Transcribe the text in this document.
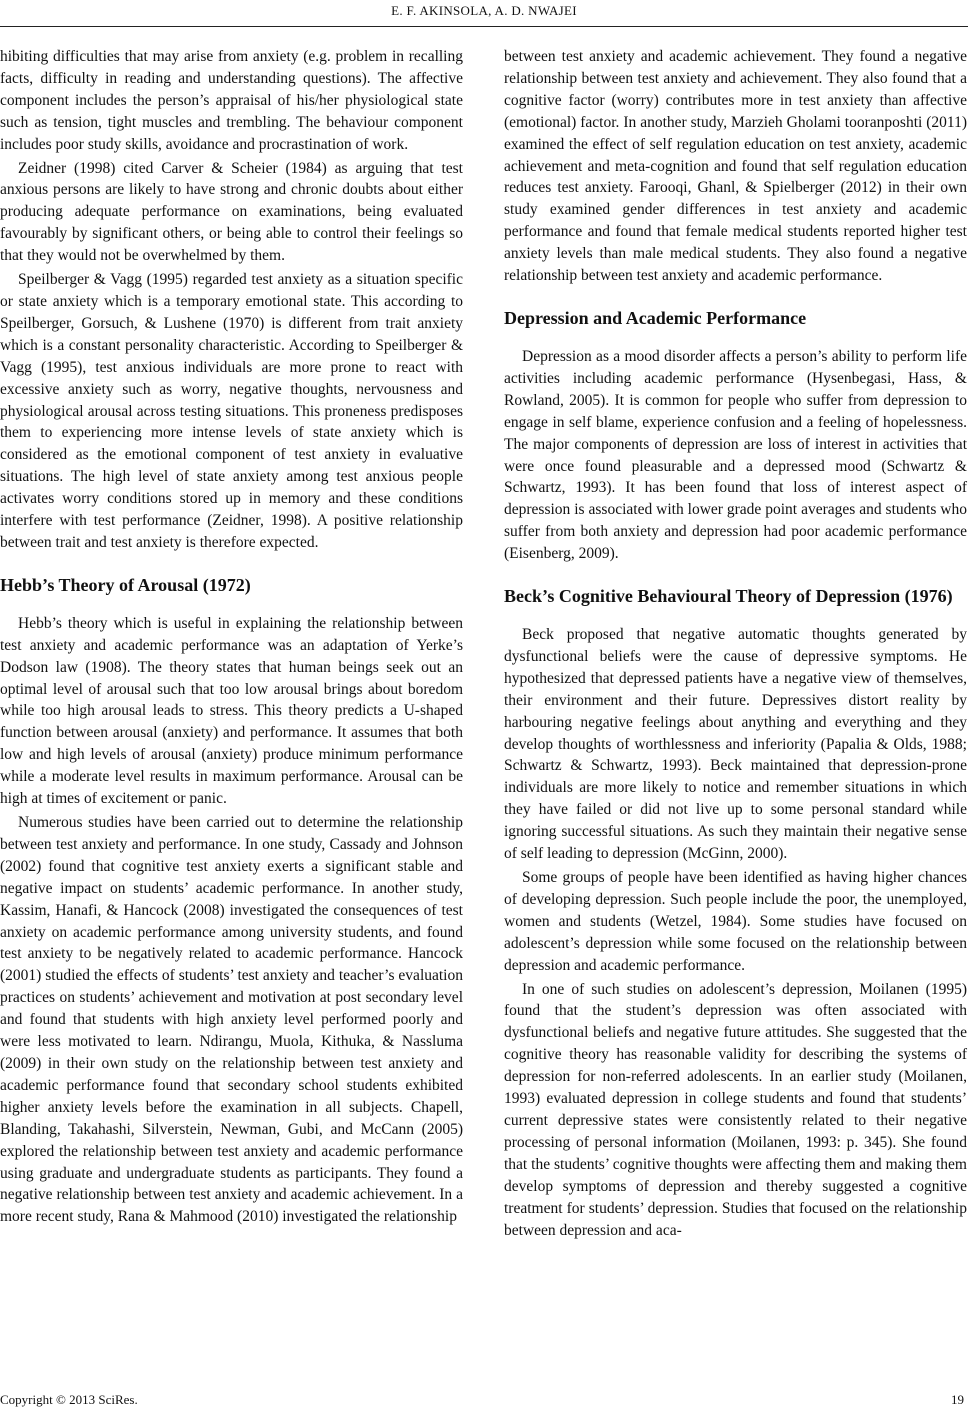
E. F. AKINSOLA, A. D. NWAJEI

hibiting difficulties that may arise from anxiety (e.g. problem in recalling facts, difficulty in reading and understanding questions). The affective component includes the person’s appraisal of his/her physiological state such as tension, tight muscles and trembling. The behaviour component includes poor study skills, avoidance and procrastination of work.

Zeidner (1998) cited Carver & Scheier (1984) as arguing that test anxious persons are likely to have strong and chronic doubts about either producing adequate performance on examinations, being evaluated favourably by significant others, or being able to control their feelings so that they would not be overwhelmed by them.

Speilberger & Vagg (1995) regarded test anxiety as a situation specific or state anxiety which is a temporary emotional state. This according to Speilberger, Gorsuch, & Lushene (1970) is different from trait anxiety which is a constant personality characteristic. According to Speilberger & Vagg (1995), test anxious individuals are more prone to react with excessive anxiety such as worry, negative thoughts, nervousness and physiological arousal across testing situations. This proneness predisposes them to experiencing more intense levels of state anxiety which is considered as the emotional component of test anxiety in evaluative situations. The high level of state anxiety among test anxious people activates worry conditions stored up in memory and these conditions interfere with test performance (Zeidner, 1998). A positive relationship between trait and test anxiety is therefore expected.

Hebb’s Theory of Arousal (1972)

Hebb’s theory which is useful in explaining the relationship between test anxiety and academic performance was an adaptation of Yerke’s Dodson law (1908). The theory states that human beings seek out an optimal level of arousal such that too low arousal brings about boredom while too high arousal leads to stress. This theory predicts a U-shaped function between arousal (anxiety) and performance. It assumes that both low and high levels of arousal (anxiety) produce minimum performance while a moderate level results in maximum performance. Arousal can be high at times of excitement or panic.

Numerous studies have been carried out to determine the relationship between test anxiety and performance. In one study, Cassady and Johnson (2002) found that cognitive test anxiety exerts a significant stable and negative impact on students’ academic performance. In another study, Kassim, Hanafi, & Hancock (2008) investigated the consequences of test anxiety on academic performance among university students, and found test anxiety to be negatively related to academic performance. Hancock (2001) studied the effects of students’ test anxiety and teacher’s evaluation practices on students’ achievement and motivation at post secondary level and found that students with high anxiety level performed poorly and were less motivated to learn. Ndirangu, Muola, Kithuka, & Nassluma (2009) in their own study on the relationship between test anxiety and academic performance found that secondary school students exhibited higher anxiety levels before the examination in all subjects. Chapell, Blanding, Takahashi, Silverstein, Newman, Gubi, and McCann (2005) explored the relationship between test anxiety and academic performance using graduate and undergraduate students as participants. They found a negative relationship between test anxiety and academic achievement. In a more recent study, Rana & Mahmood (2010) investigated the relationship

between test anxiety and academic achievement. They found a negative relationship between test anxiety and achievement. They also found that a cognitive factor (worry) contributes more in test anxiety than affective (emotional) factor. In another study, Marzieh Gholami tooranposhti (2011) examined the effect of self regulation education on test anxiety, academic achievement and meta-cognition and found that self regulation education reduces test anxiety. Farooqi, Ghanl, & Spielberger (2012) in their own study examined gender differences in test anxiety and academic performance and found that female medical students reported higher test anxiety levels than male medical students. They also found a negative relationship between test anxiety and academic performance.

Depression and Academic Performance

Depression as a mood disorder affects a person’s ability to perform life activities including academic performance (Hysenbegasi, Hass, & Rowland, 2005). It is common for people who suffer from depression to engage in self blame, experience confusion and a feeling of hopelessness. The major components of depression are loss of interest in activities that were once found pleasurable and a depressed mood (Schwartz & Schwartz, 1993). It has been found that loss of interest aspect of depression is associated with lower grade point averages and students who suffer from both anxiety and depression had poor academic performance (Eisenberg, 2009).

Beck’s Cognitive Behavioural Theory of Depression (1976)

Beck proposed that negative automatic thoughts generated by dysfunctional beliefs were the cause of depressive symptoms. He hypothesized that depressed patients have a negative view of themselves, their environment and their future. Depressives distort reality by harbouring negative feelings about anything and everything and they develop thoughts of worthlessness and inferiority (Papalia & Olds, 1988; Schwartz & Schwartz, 1993). Beck maintained that depression-prone individuals are more likely to notice and remember situations in which they have failed or did not live up to some personal standard while ignoring successful situations. As such they maintain their negative sense of self leading to depression (McGinn, 2000).

Some groups of people have been identified as having higher chances of developing depression. Such people include the poor, the unemployed, women and students (Wetzel, 1984). Some studies have focused on adolescent’s depression while some focused on the relationship between depression and academic performance.

In one of such studies on adolescent’s depression, Moilanen (1995) found that the student’s depression was often associated with dysfunctional beliefs and negative future attitudes. She suggested that the cognitive theory has reasonable validity for describing the systems of depression for non-referred adolescents. In an earlier study (Moilanen, 1993) evaluated depression in college students and found that students’ current depressive states were consistently related to their negative processing of personal information (Moilanen, 1993: p. 345). She found that the students’ cognitive thoughts were affecting them and making them develop symptoms of depression and thereby suggested a cognitive treatment for students’ depression. Studies that focused on the relationship between depression and aca-

Copyright © 2013 SciRes.	19
